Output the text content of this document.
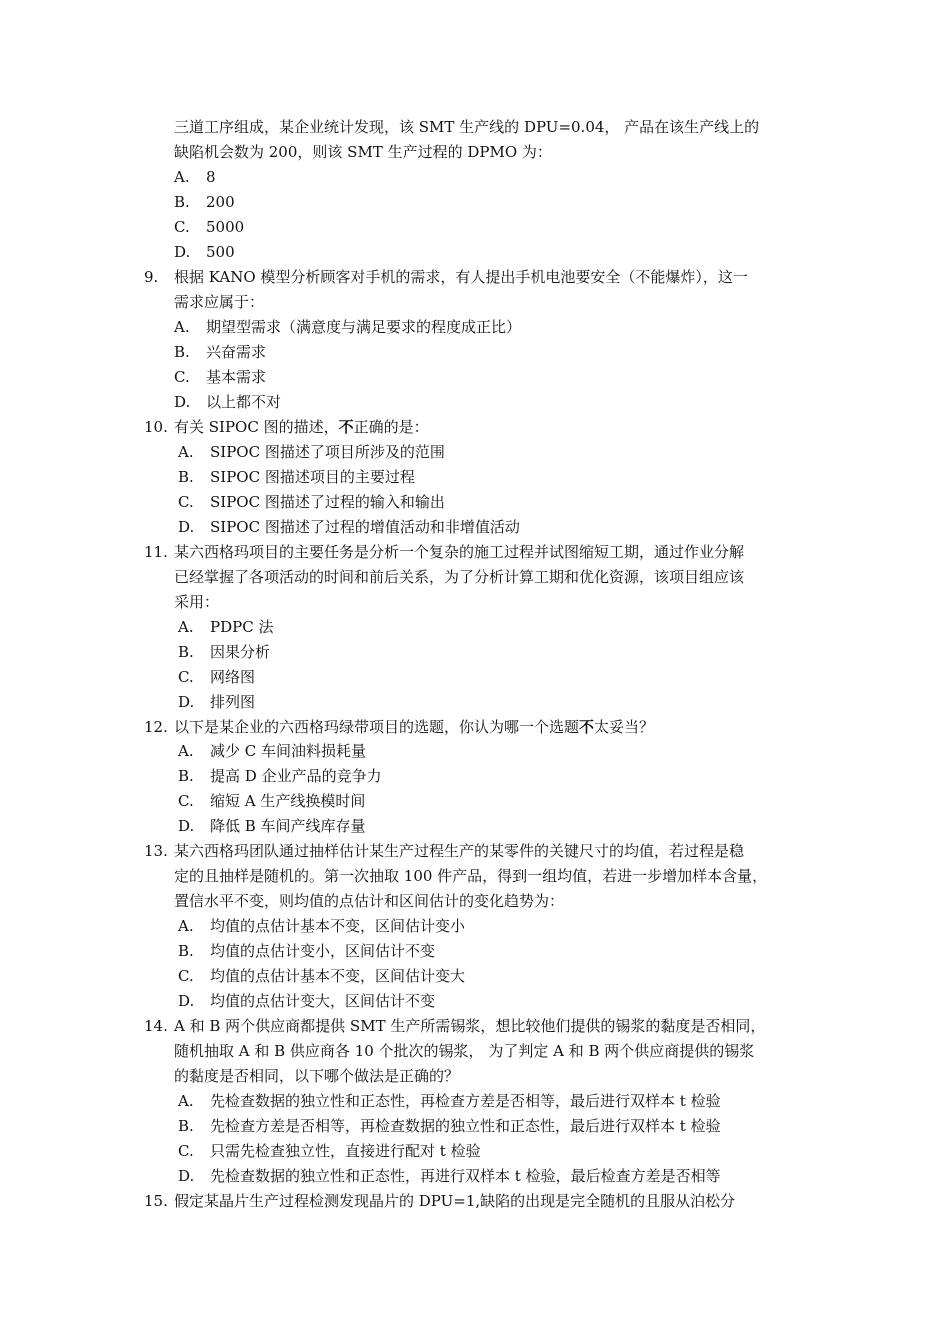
三道工序组成，某企业统计发现，该 SMT 生产线的 DPU=0.04， 产品在该生产线上的
缺陷机会数为 200，则该 SMT 生产过程的 DPMO 为：
A. 8
B. 200
C. 5000
D. 500
9. 根据 KANO 模型分析顾客对手机的需求，有人提出手机电池要安全（不能爆炸），这一
需求应属于：
A. 期望型需求（满意度与满足要求的程度成正比）
B. 兴奋需求
C. 基本需求
D. 以上都不对
10. 有关 SIPOC 图的描述，不正确的是：
A. SIPOC 图描述了项目所涉及的范围
B. SIPOC 图描述项目的主要过程
C. SIPOC 图描述了过程的输入和输出
D. SIPOC 图描述了过程的增值活动和非增值活动
11. 某六西格玛项目的主要任务是分析一个复杂的施工过程并试图缩短工期，通过作业分解
已经掌握了各项活动的时间和前后关系，为了分析计算工期和优化资源，该项目组应该
采用：
A. PDPC 法
B. 因果分析
C. 网络图
D. 排列图
12. 以下是某企业的六西格玛绿带项目的选题，你认为哪一个选题不太妥当？
A. 减少 C 车间油料损耗量
B. 提高 D 企业产品的竞争力
C. 缩短 A 生产线换模时间
D. 降低 B 车间产线库存量
13. 某六西格玛团队通过抽样估计某生产过程生产的某零件的关键尺寸的均值，若过程是稳
定的且抽样是随机的。第一次抽取 100 件产品，得到一组均值，若进一步增加样本含量，
置信水平不变，则均值的点估计和区间估计的变化趋势为：
A. 均值的点估计基本不变，区间估计变小
B. 均值的点估计变小，区间估计不变
C. 均值的点估计基本不变，区间估计变大
D. 均值的点估计变大，区间估计不变
14. A 和 B 两个供应商都提供 SMT 生产所需锡浆，想比较他们提供的锡浆的黏度是否相同，
随机抽取 A 和 B 供应商各 10 个批次的锡浆， 为了判定 A 和 B 两个供应商提供的锡浆
的黏度是否相同，以下哪个做法是正确的？
A. 先检查数据的独立性和正态性，再检查方差是否相等，最后进行双样本 t 检验
B. 先检查方差是否相等，再检查数据的独立性和正态性，最后进行双样本 t 检验
C. 只需先检查独立性，直接进行配对 t 检验
D. 先检查数据的独立性和正态性，再进行双样本 t 检验，最后检查方差是否相等
15. 假定某晶片生产过程检测发现晶片的 DPU=1,缺陷的出现是完全随机的且服从泊松分
